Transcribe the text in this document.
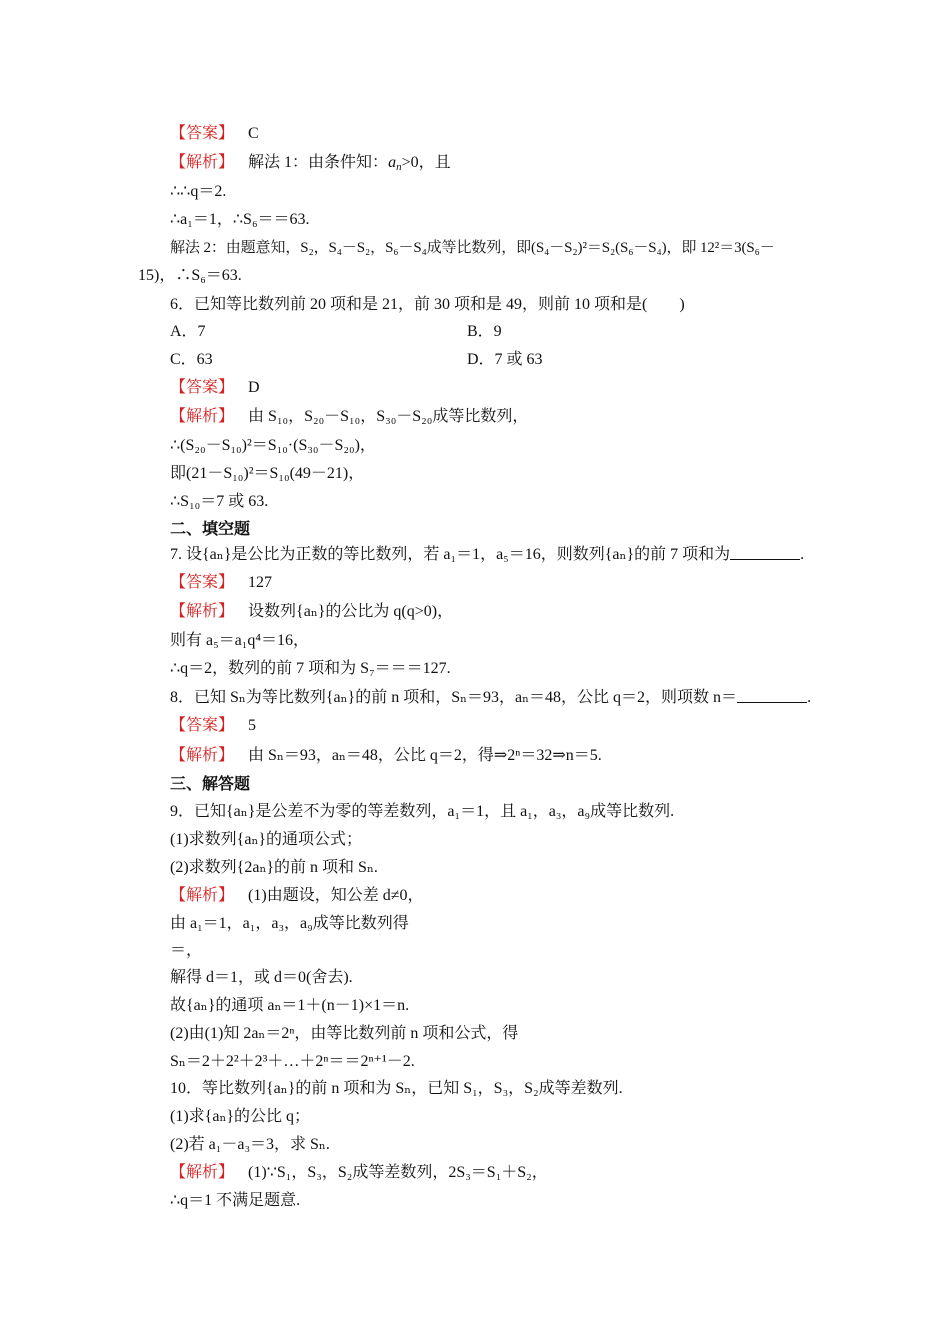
【 答案 】 C
【 解析 】 解法 1：由条件知：$a_n>0$，且
∴∴q＝2.
∴a₁＝1，∴S₆＝＝63.
解法 2：由题意知，S₂，S₄－S₂，S₆－S₄成等比数列，即(S₄－S₂)²＝S₂(S₆－S₄)，即 12²＝3(S₆－
15)，∴S₆＝63.
6．已知等比数列前 20 项和是 21，前 30 项和是 49，则前 10 项和是(　　)
A．7	B．9
C．63	D．7 或 63
【 答案 】 D
【 解析 】 由 S₁₀，S₂₀－S₁₀，S₃₀－S₂₀成等比数列，
∴(S₂₀－S₁₀)²＝S₁₀·(S₃₀－S₂₀)，
即(21－S₁₀)²＝S₁₀(49－21)，
∴S₁₀＝7 或 63.
二、填空题
7. 设{aₙ}是公比为正数的等比数列，若 a₁＝1，a₅＝16，则数列{aₙ}的前 7 项和为	.
【 答案 】 127
【 解析 】 设数列{aₙ}的公比为 q(q>0)，
则有 a₅＝a₁q⁴＝16，
∴q＝2，数列的前 7 项和为 S₇＝＝＝127.
8．已知 Sₙ为等比数列{aₙ}的前 n 项和，Sₙ＝93，aₙ＝48，公比 q＝2，则项数 n＝	.
【 答案 】 5
【 解析 】 由 Sₙ＝93，aₙ＝48，公比 q＝2，得⇒2ⁿ＝32⇒n＝5.
三、解答题
9．已知{aₙ}是公差不为零的等差数列，a₁＝1，且 a₁，a₃，a₉成等比数列.
(1)求数列{aₙ}的通项公式；
(2)求数列{2aₙ}的前 n 项和 Sₙ.
【 解析 】 (1)由题设，知公差 d≠0，
由 a₁＝1，a₁，a₃，a₉成等比数列得
＝，
解得 d＝1，或 d＝0(舍去).
故{aₙ}的通项 aₙ＝1＋(n－1)×1＝n.
(2)由(1)知 2aₙ＝2ⁿ，由等比数列前 n 项和公式，得
Sₙ＝2＋2²＋2³＋…＋2ⁿ＝＝2ⁿ⁺¹－2.
10．等比数列{aₙ}的前 n 项和为 Sₙ，已知 S₁，S₃，S₂成等差数列.
(1)求{aₙ}的公比 q；
(2)若 a₁－a₃＝3，求 Sₙ.
【 解析 】 (1)∵S₁，S₃，S₂成等差数列，2S₃＝S₁＋S₂，
∴q＝1 不满足题意.
